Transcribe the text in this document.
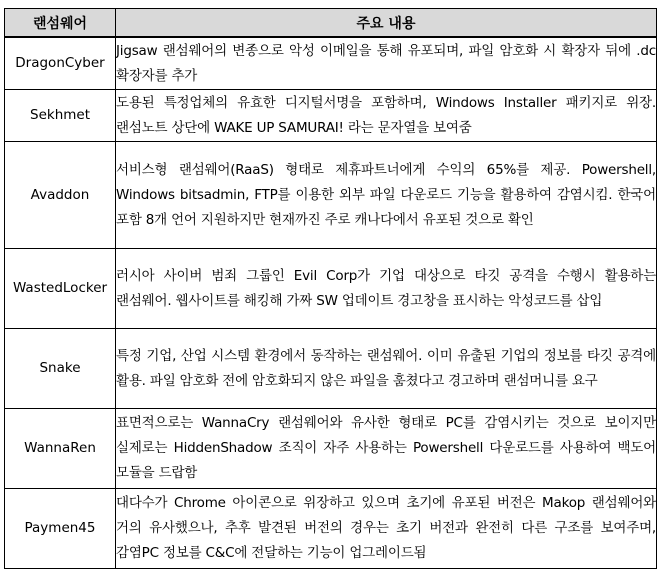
랜섬웨어	주요 내용
DragonCyber	Jigsaw 랜섬웨어의 변종으로 악성 이메일을 통해 유포되며, 파일 암호화 시 확장자 뒤에 .dc 확장자를 추가
Sekhmet	도용된 특정업체의 유효한 디지털서명을 포함하며, Windows Installer 패키지로 위장. 랜섬노트 상단에 WAKE UP SAMURAI! 라는 문자열을 보여줌
Avaddon	서비스형 랜섬웨어(RaaS) 형태로 제휴파트너에게 수익의 65%를 제공. Powershell, Windows bitsadmin, FTP를 이용한 외부 파일 다운로드 기능을 활용하여 감염시킴. 한국어 포함 8개 언어 지원하지만 현재까진 주로 캐나다에서 유포된 것으로 확인
WastedLocker	러시아 사이버 범죄 그룹인 Evil Corp가 기업 대상으로 타깃 공격을 수행시 활용하는 랜섬웨어. 웹사이트를 해킹해 가짜 SW 업데이트 경고창을 표시하는 악성코드를 삽입
Snake	특정 기업, 산업 시스템 환경에서 동작하는 랜섬웨어. 이미 유출된 기업의 정보를 타깃 공격에 활용. 파일 암호화 전에 암호화되지 않은 파일을 훔쳤다고 경고하며 랜섬머니를 요구
WannaRen	표면적으로는 WannaCry 랜섬웨어와 유사한 형태로 PC를 감염시키는 것으로 보이지만 실제로는 HiddenShadow 조직이 자주 사용하는 Powershell 다운로드를 사용하여 백도어 모듈을 드랍함
Paymen45	대다수가 Chrome 아이콘으로 위장하고 있으며 초기에 유포된 버전은 Makop 랜섬웨어와 거의 유사했으나, 추후 발견된 버전의 경우는 초기 버전과 완전히 다른 구조를 보여주며, 감염PC 정보를 C&C에 전달하는 기능이 업그레이드됨
